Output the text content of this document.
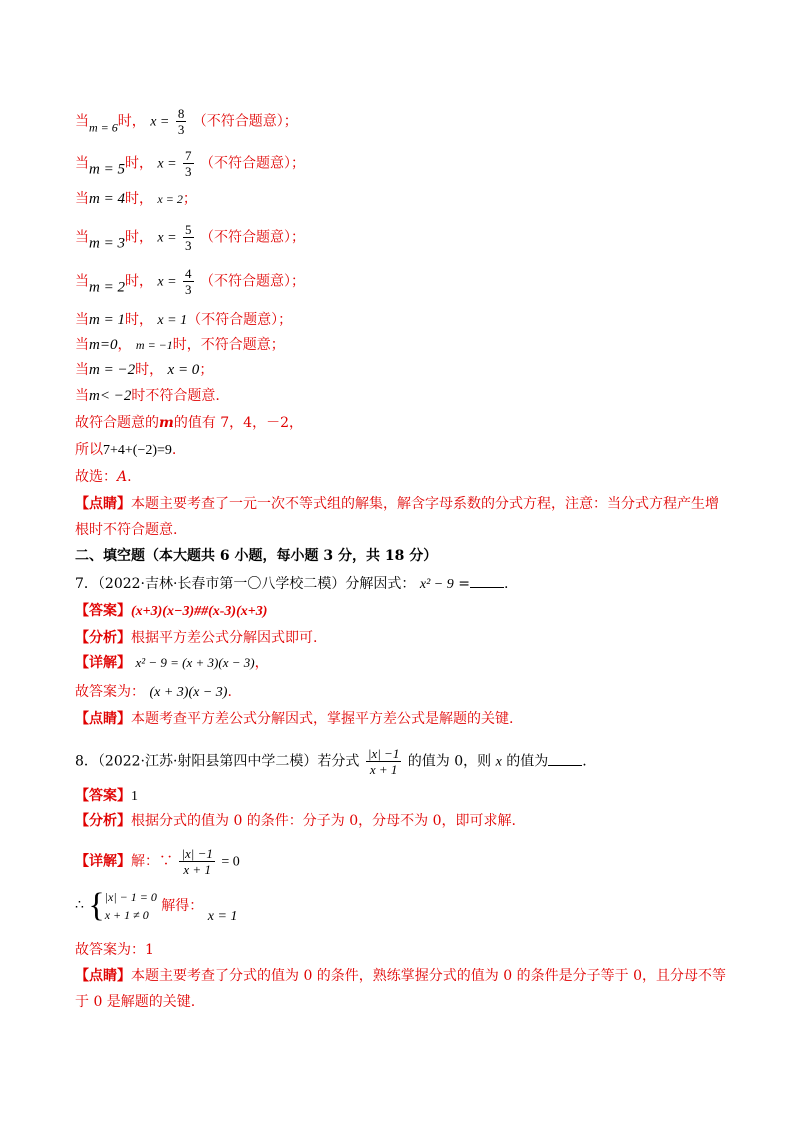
当m = 6时， $x = \frac{8}{3}$ （不符合题意）；
当m = 5时， $x = \frac{7}{3}$ （不符合题意）；
当m = 4时， x = 2；
当m = 3时， $x = \frac{5}{3}$ （不符合题意）；
当m = 2时， $x = \frac{4}{3}$ （不符合题意）；
当m = 1时， x = 1（不符合题意）；
当m=0， m = −1时，不符合题意；
当m = −2时， x = 0；
当m< −2时不符合题意.
故符合题意的m的值有 7，4，－2，
所以7+4+(−2)=9.
故选：A.
【点睛】本题主要考查了一元一次不等式组的解集，解含字母系数的分式方程，注意：当分式方程产生增
根时不符合题意.
二、填空题（本大题共 6 小题，每小题 3 分，共 18 分）
7．（2022·吉林·长春市第一〇八学校二模）分解因式： x² − 9 = .
【答案】(x+3)(x−3)##(x-3)(x+3)
【分析】根据平方差公式分解因式即可.
【详解】 x² − 9 = (x + 3)(x − 3)，
故答案为： (x + 3)(x − 3).
【点睛】本题考查平方差公式分解因式，掌握平方差公式是解题的关键.
8．（2022·江苏·射阳县第四中学二模）若分式 $\frac{|x| -1}{x + 1}$ 的值为 0，则 x 的值为 .
【答案】1
【分析】根据分式的值为 0 的条件：分子为 0，分母不为 0，即可求解.
【详解】解：∵ $\frac{|x| -1}{x + 1} = 0$
∴ { |x| − 1 = 0
x + 1 ≠ 0
解得： x = 1
故答案为：1
【点睛】本题主要考查了分式的值为 0 的条件，熟练掌握分式的值为 0 的条件是分子等于 0，且分母不等
于 0 是解题的关键.
